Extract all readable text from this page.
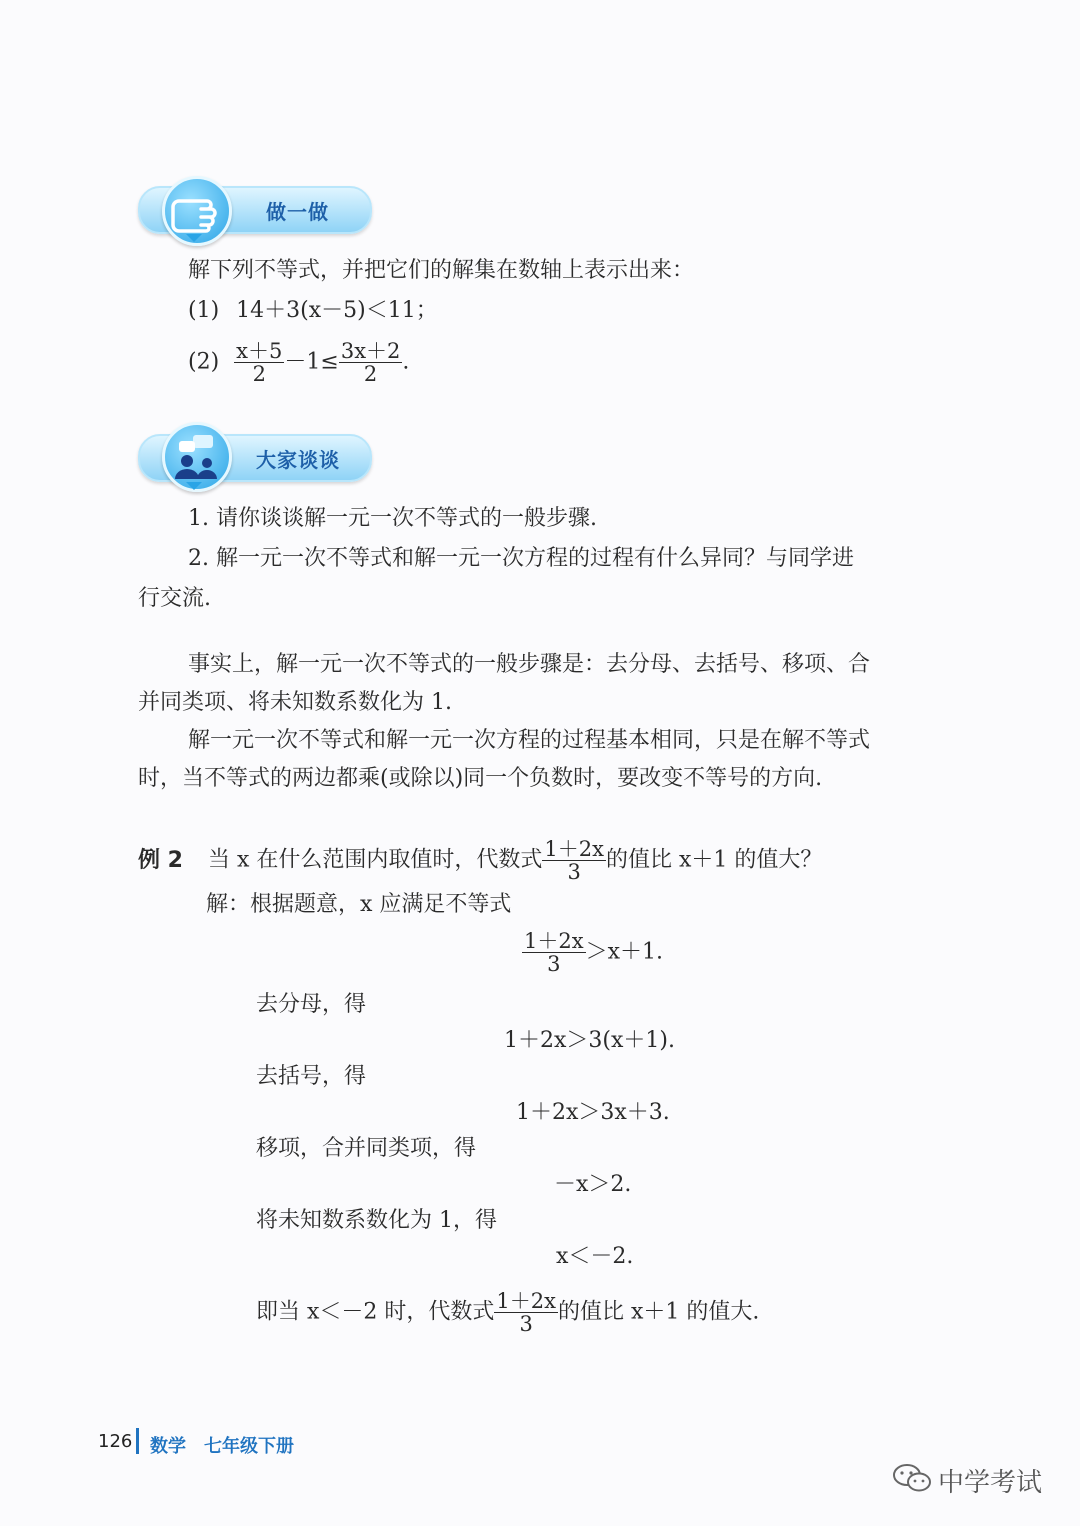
做一做
解下列不等式，并把它们的解集在数轴上表示出来：
(1) 14＋3(x－5)＜11；
$(2) \frac{x+5}{2} -1\le \frac{3x+2}{2}$ .
大家谈谈
1. 请你谈谈解一元一次不等式的一般步骤.
2. 解一元一次不等式和解一元一次方程的过程有什么异同？与同学进
行交流.
事实上，解一元一次不等式的一般步骤是：去分母、去括号、移项、合
并同类项、将未知数系数化为 1.
解一元一次不等式和解一元一次方程的过程基本相同，只是在解不等式
时，当不等式的两边都乘(或除以)同一个负数时，要改变不等号的方向.
例 2 当 x 在什么范围内取值时，代数式 $\frac{1+2x}{3}$ 的值比 x＋1 的值大？
解：根据题意，x 应满足不等式
$\frac{1+2x}{3} >x+1$.
去分母，得
1＋2x＞3(x＋1).
去括号，得
1＋2x＞3x＋3.
移项，合并同类项，得
－x＞2.
将未知数系数化为 1，得
x＜－2.
即当 x＜－2 时，代数式 $\frac{1+2x}{3}$ 的值比 x＋1 的值大.
126 数学　七年级下册
中学考试
